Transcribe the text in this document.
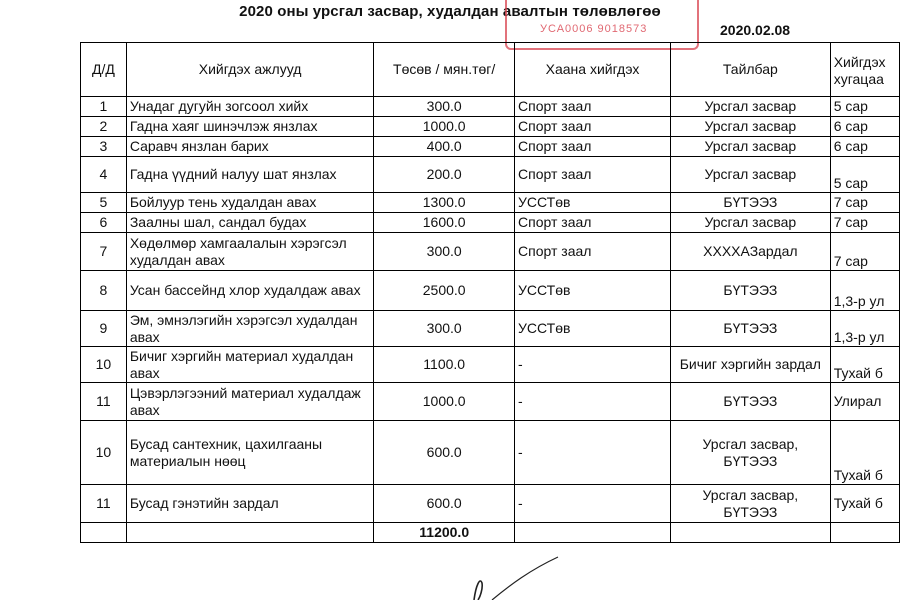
2020 оны урсгал засвар, худалдан авалтын төлөвлөгөө
УСА0006 9018573	2020.02.08
Д/Д	Хийгдэх ажлууд	Төсөв / мян.төг/	Хаана хийгдэх	Тайлбар	Хийгдэх
хугацаа
1	Унадаг дугуйн зогсоол хийх	300.0	Спорт заал	Урсгал засвар	5 сар
2	Гадна хаяг шинэчлэж янзлах	1000.0	Спорт заал	Урсгал засвар	6 сар
3	Саравч янзлан барих	400.0	Спорт заал	Урсгал засвар	6 сар
4	Гадна үүдний налуу шат янзлах	200.0	Спорт заал	Урсгал засвар	5 сар
5	Бойлуур тень худалдан авах	1300.0	УССТөв	БҮТЭЭЗ	7 сар
6	Заалны шал, сандал будах	1600.0	Спорт заал	Урсгал засвар	7 сар
7	Хөдөлмөр хамгаалалын хэрэгсэл худалдан авах	300.0	Спорт заал	ХХХХАЗардал	7 сар
8	Усан бассейнд хлор худалдаж авах	2500.0	УССТөв	БҮТЭЭЗ	1,3-р ул
9	Эм, эмнэлэгийн хэрэгсэл худалдан авах	300.0	УССТөв	БҮТЭЭЗ	1,3-р ул
10	Бичиг хэргийн материал худалдан авах	1100.0	-	Бичиг хэргийн зардал	Тухай б
11	Цэвэрлэгээний материал худалдаж авах	1000.0	-	БҮТЭЭЗ	Улирал
10	Бусад сантехник, цахилгааны материалын нөөц	600.0	-	Урсгал засвар, БҮТЭЭЗ	Тухай б
11	Бусад гэнэтийн зардал	600.0	-	Урсгал засвар, БҮТЭЭЗ	Тухай б
		11200.0			
